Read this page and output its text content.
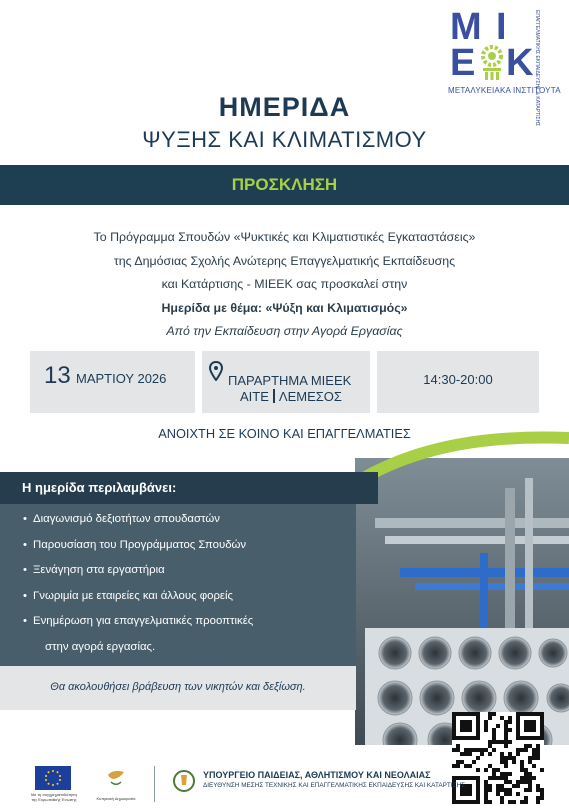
Μ Ι
Ε Κ
ΜΕΤΑΛΥΚΕΙΑΚΑ ΙΝΣΤΙΤΟΥΤΑ
ΕΠΑΓΓΕΛΜΑΤΙΚΗΣ ΕΚΠΑΙΔΕΥΣΗΣ & ΚΑΤΑΡΤΙΣΗΣ
ΗΜΕΡΙΔΑ
ΨΥΞΗΣ ΚΑΙ ΚΛΙΜΑΤΙΣΜΟΥ
ΠΡΟΣΚΛΗΣΗ
Το Πρόγραμμα Σπουδών «Ψυκτικές και Κλιματιστικές Εγκαταστάσεις»
της Δημόσιας Σχολής Ανώτερης Επαγγελματικής Εκπαίδευσης
και Κατάρτισης - ΜΙΕΕΚ σας προσκαλεί στην
Ημερίδα με θέμα: «Ψύξη και Κλιματισμός»
Από την Εκπαίδευση στην Αγορά Εργασίας
13 ΜΑΡΤΙΟΥ 2026	ΠΑΡΑΡΤΗΜΑ ΜΙΕΕΚ
ΑΙΤΕ ΛΕΜΕΣΟΣ
14:30-20:00
ΑΝΟΙΧΤΗ ΣΕ ΚΟΙΝΟ ΚΑΙ ΕΠΑΓΓΕΛΜΑΤΙΕΣ
Η ημερίδα περιλαμβάνει:
• Διαγωνισμό δεξιοτήτων σπουδαστών
• Παρουσίαση του Προγράμματος Σπουδών
• Ξενάγηση στα εργαστήρια
• Γνωριμία με εταιρείες και άλλους φορείς
• Ενημέρωση για επαγγελματικές προοπτικές
στην αγορά εργασίας.
Θα ακολουθήσει βράβευση των νικητών και δεξίωση.
Με τη συγχρηματοδότηση της Ευρωπαϊκής Ένωσης	Κυπριακή Δημοκρατία
ΥΠΟΥΡΓΕΙΟ ΠΑΙΔΕΙΑΣ, ΑΘΛΗΤΙΣΜΟΥ ΚΑΙ ΝΕΟΛΑΙΑΣ
ΔΙΕΥΘΥΝΣΗ ΜΕΣΗΣ ΤΕΧΝΙΚΗΣ ΚΑΙ ΕΠΑΓΓΕΛΜΑΤΙΚΗΣ ΕΚΠΑΙΔΕΥΣΗΣ ΚΑΙ ΚΑΤΑΡΤΙΣΗΣ
